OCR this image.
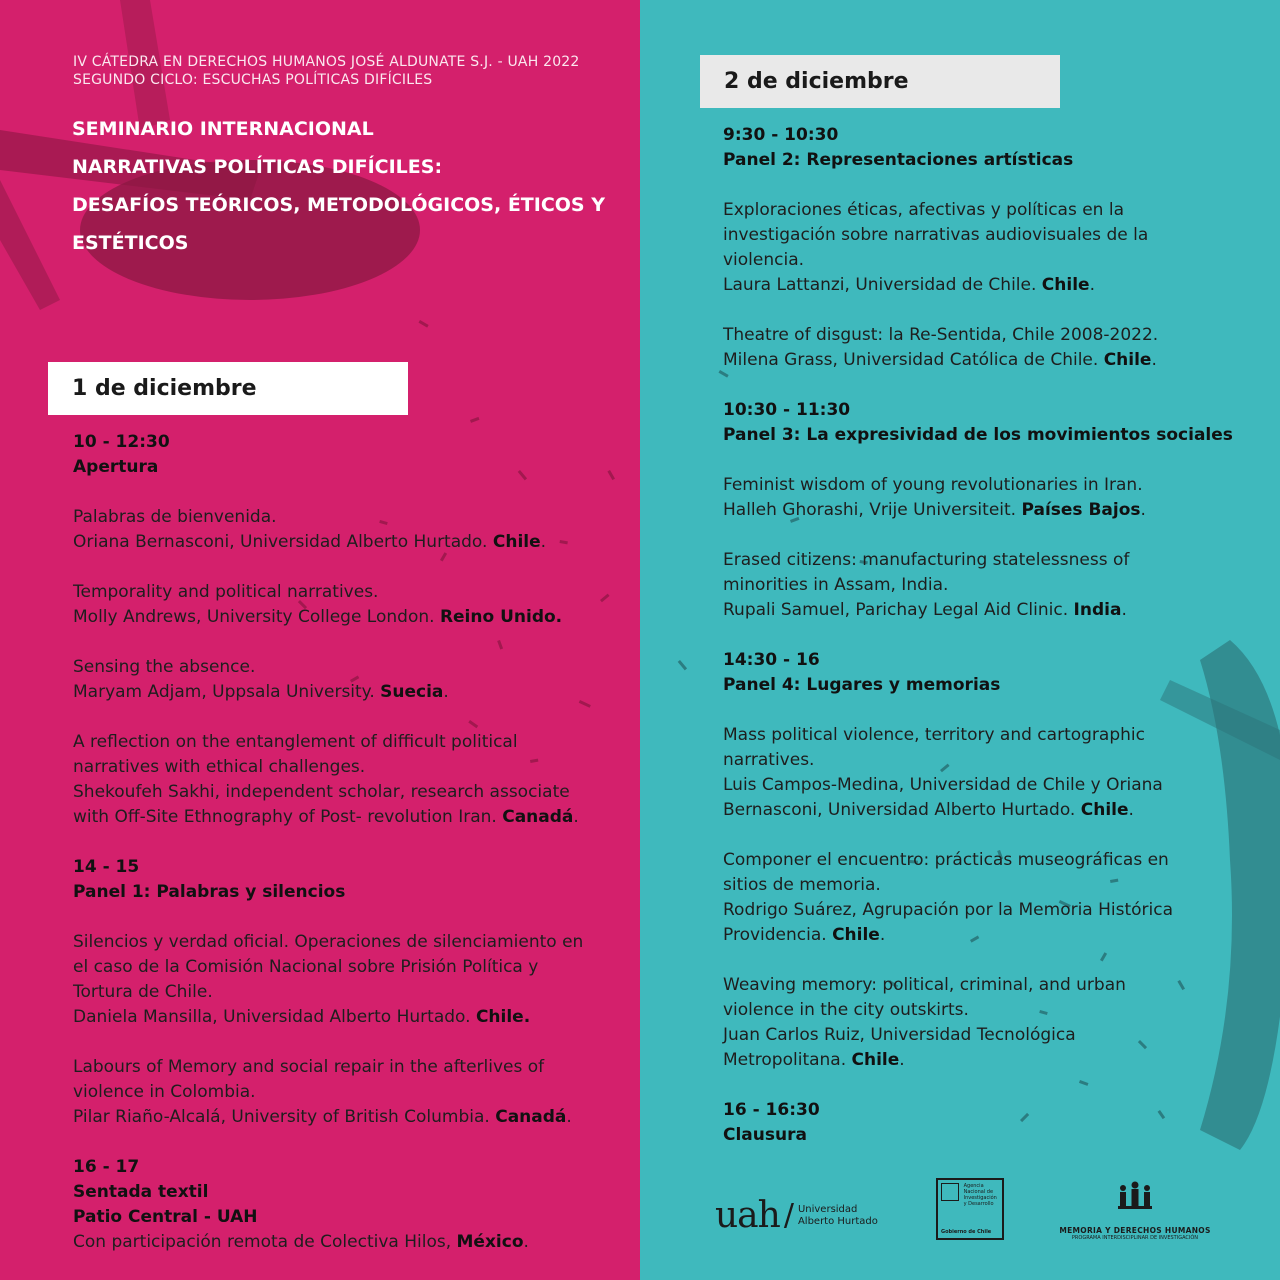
IV CÁTEDRA EN DERECHOS HUMANOS JOSÉ ALDUNATE S.J. - UAH 2022
SEGUNDO CICLO: ESCUCHAS POLÍTICAS DIFÍCILES
SEMINARIO INTERNACIONAL
NARRATIVAS POLÍTICAS DIFÍCILES:
DESAFÍOS TEÓRICOS, METODOLÓGICOS, ÉTICOS Y
ESTÉTICOS
1 de diciembre
10 - 12:30
Apertura
Palabras de bienvenida.
Oriana Bernasconi, Universidad Alberto Hurtado. Chile.
Temporality and political narratives.
Molly Andrews, University College London. Reino Unido.
Sensing the absence.
Maryam Adjam, Uppsala University. Suecia.
A reflection on the entanglement of difficult political
narratives with ethical challenges.
Shekoufeh Sakhi, independent scholar, research associate
with Off-Site Ethnography of Post- revolution Iran. Canadá.
14 - 15
Panel 1: Palabras y silencios
Silencios y verdad oficial. Operaciones de silenciamiento en
el caso de la Comisión Nacional sobre Prisión Política y
Tortura de Chile.
Daniela Mansilla, Universidad Alberto Hurtado. Chile.
Labours of Memory and social repair in the afterlives of
violence in Colombia.
Pilar Riaño-Alcalá, University of British Columbia. Canadá.
16 - 17
Sentada textil
Patio Central - UAH
Con participación remota de Colectiva Hilos, México.
2 de diciembre
9:30 - 10:30
Panel 2: Representaciones artísticas
Exploraciones éticas, afectivas y políticas en la
investigación sobre narrativas audiovisuales de la
violencia.
Laura Lattanzi, Universidad de Chile. Chile.
Theatre of disgust: la Re-Sentida, Chile 2008-2022.
Milena Grass, Universidad Católica de Chile. Chile.
10:30 - 11:30
Panel 3: La expresividad de los movimientos sociales
Feminist wisdom of young revolutionaries in Iran.
Halleh Ghorashi, Vrije Universiteit. Países Bajos.
Erased citizens: manufacturing statelessness of
minorities in Assam, India.
Rupali Samuel, Parichay Legal Aid Clinic. India.
14:30 - 16
Panel 4: Lugares y memorias
Mass political violence, territory and cartographic
narratives.
Luis Campos-Medina, Universidad de Chile y Oriana
Bernasconi, Universidad Alberto Hurtado. Chile.
Componer el encuentro: prácticas museográficas en
sitios de memoria.
Rodrigo Suárez, Agrupación por la Memoria Histórica
Providencia. Chile.
Weaving memory: political, criminal, and urban
violence in the city outskirts.
Juan Carlos Ruiz, Universidad Tecnológica
Metropolitana. Chile.
16 - 16:30
Clausura
uah / Universidad
Alberto Hurtado
Agencia
Nacional de
Investigación
y Desarrollo
Gobierno de Chile	MEMORIA Y DERECHOS HUMANOS
PROGRAMA INTERDISCIPLINAR DE INVESTIGACIÓN
